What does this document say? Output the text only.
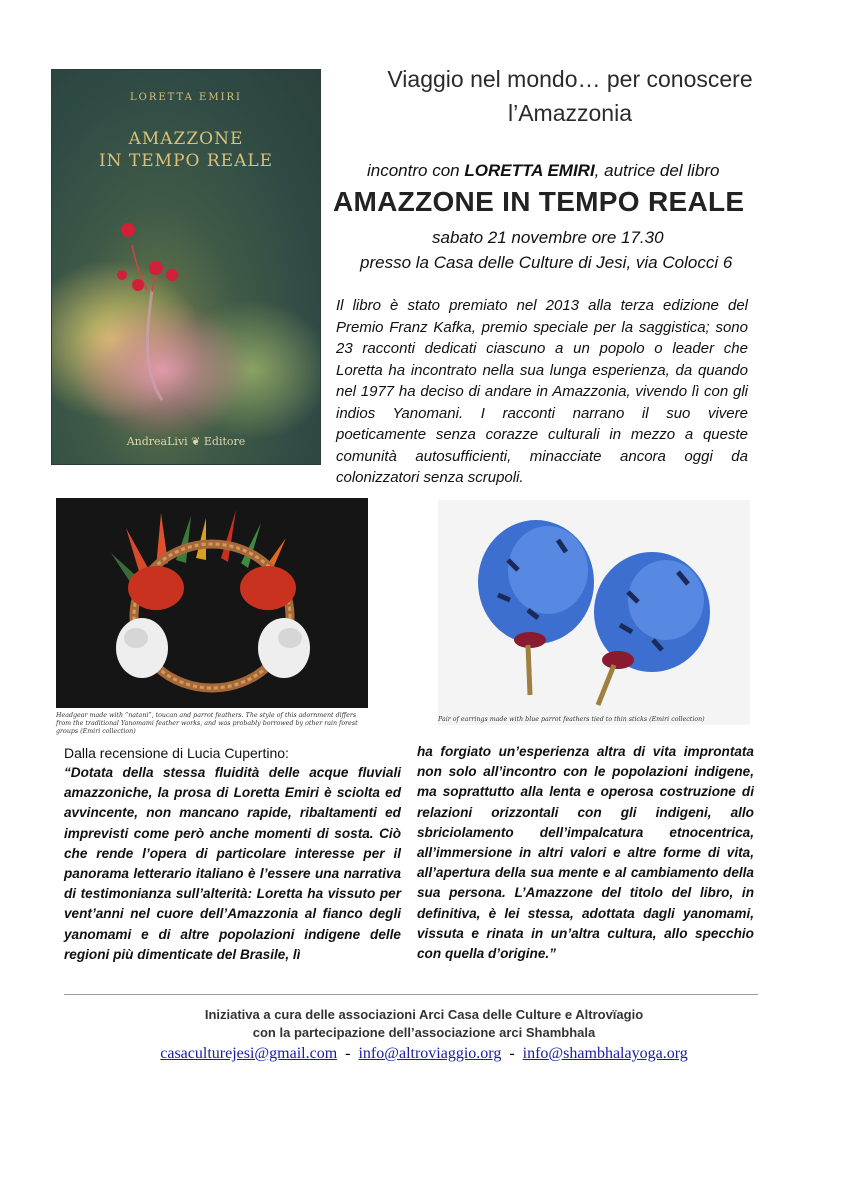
LORETTA EMIRI
AMAZZONE
IN TEMPO REALE
AndreaLivi ❦ Editore
Viaggio nel mondo… per conoscere
l’Amazzonia
incontro con LORETTA EMIRI, autrice del libro
AMAZZONE IN TEMPO REALE
sabato 21 novembre ore 17.30
presso la Casa delle Culture di Jesi, via Colocci 6
Il libro è stato premiato nel 2013 alla terza edizione del Premio Franz Kafka, premio speciale per la saggistica; sono 23 racconti dedicati ciascuno a un popolo o leader che Loretta ha incontrato nella sua lunga esperienza, da quando nel 1977 ha deciso di andare in Amazzonia, vivendo lì con gli indios Yanomani. I racconti narrano il suo vivere poeticamente senza corazze culturali in mezzo a queste comunità autosufficienti, minacciate ancora oggi da colonizzatori senza scrupoli.
Headgear made with “natani”, toucan and parrot feathers. The style of this adornment differs from the traditional Yanomami feather works, and was probably borrowed by other rain forest groups (Emiri collection)
Pair of earrings made with blue parrot feathers tied to thin sticks (Emiri collection)
Dalla recensione di Lucia Cupertino:
“Dotata della stessa fluidità delle acque fluviali amazzoniche, la prosa di Loretta Emiri è sciolta ed avvincente, non mancano rapide, ribaltamenti ed imprevisti come però anche momenti di sosta. Ciò che rende l’opera di particolare interesse per il panorama letterario italiano è l’essere una narrativa di testimonianza sull’alterità: Loretta ha vissuto per vent’anni nel cuore dell’Amazzonia al fianco degli yanomami e di altre popolazioni indigene delle regioni più dimenticate del Brasile, lì
ha forgiato un’esperienza altra di vita improntata non solo all’incontro con le popolazioni indigene, ma soprattutto alla lenta e operosa costruzione di relazioni orizzontali con gli indigeni, allo sbriciolamento dell’impalcatura etnocentrica, all’immersione in altri valori e altre forme di vita, all’apertura della sua mente e al cambiamento della sua persona. L’Amazzone del titolo del libro, in definitiva, è lei stessa, adottata dagli yanomami, vissuta e rinata in un’altra cultura, allo specchio con quella d’origine.”
Iniziativa a cura delle associazioni Arci Casa delle Culture e Altrovïagio
con la partecipazione dell’associazione arci Shambhala
casaculturejesi@gmail.com - info@altroviaggio.org - info@shambhalayoga.org
